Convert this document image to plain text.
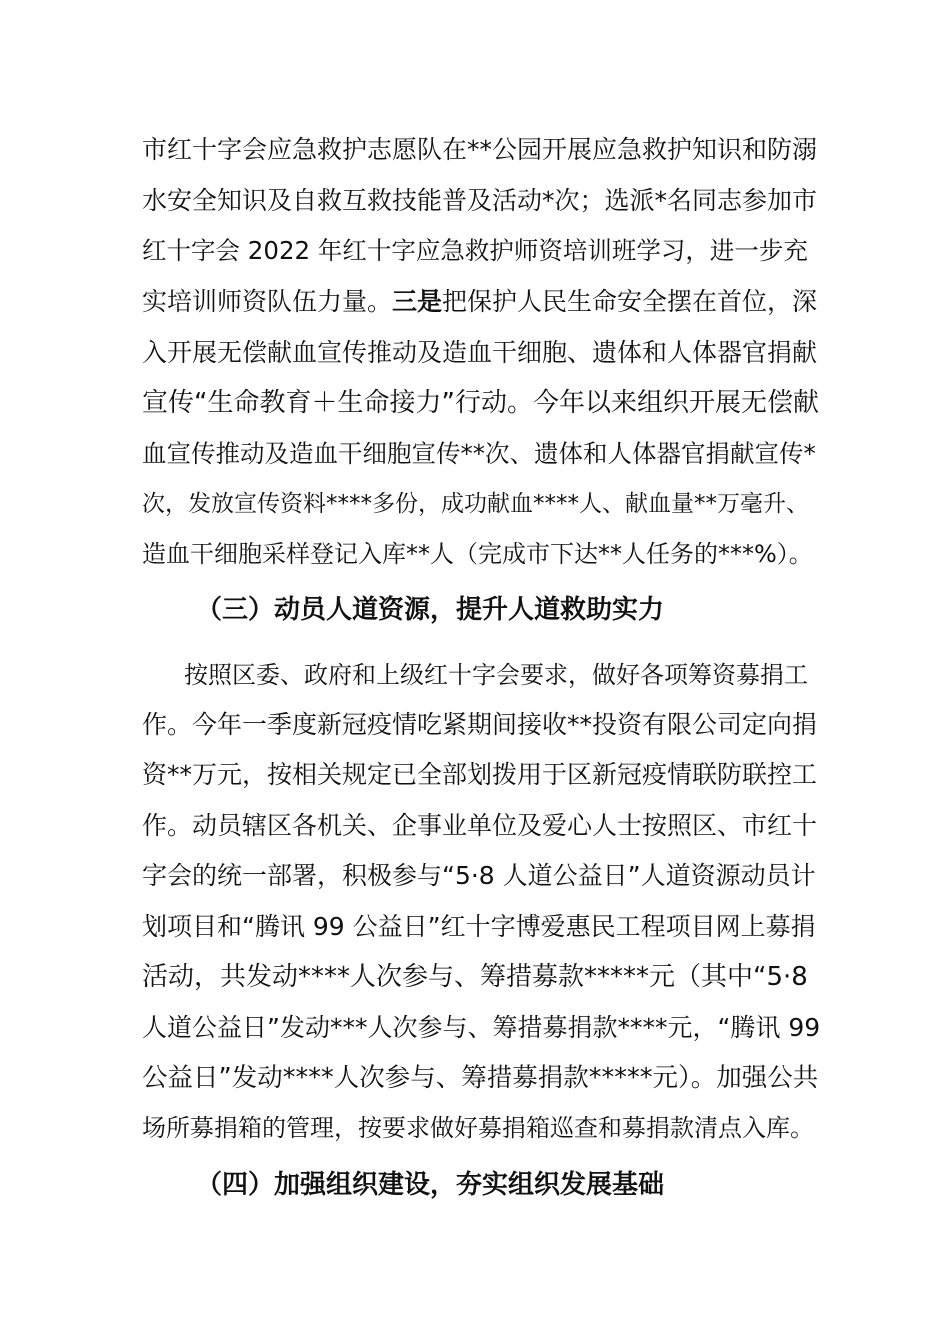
市红十字会应急救护志愿队在**公园开展应急救护知识和防溺
水安全知识及自救互救技能普及活动*次；选派*名同志参加市
红十字会 2022 年红十字应急救护师资培训班学习，进一步充
实培训师资队伍力量。三是把保护人民生命安全摆在首位，深
入开展无偿献血宣传推动及造血干细胞、遗体和人体器官捐献
宣传“生命教育＋生命接力”行动。今年以来组织开展无偿献
血宣传推动及造血干细胞宣传**次、遗体和人体器官捐献宣传*
次，发放宣传资料****多份，成功献血****人、献血量**万毫升、
造血干细胞采样登记入库**人（完成市下达**人任务的***%）。
（三）动员人道资源，提升人道救助实力
按照区委、政府和上级红十字会要求，做好各项筹资募捐工
作。今年一季度新冠疫情吃紧期间接收**投资有限公司定向捐
资**万元，按相关规定已全部划拨用于区新冠疫情联防联控工
作。动员辖区各机关、企事业单位及爱心人士按照区、市红十
字会的统一部署，积极参与“5·8 人道公益日”人道资源动员计
划项目和“腾讯 99 公益日”红十字博爱惠民工程项目网上募捐
活动，共发动****人次参与、筹措募款*****元（其中“5·8
人道公益日”发动***人次参与、筹措募捐款****元，“腾讯 99
公益日”发动****人次参与、筹措募捐款*****元）。加强公共
场所募捐箱的管理，按要求做好募捐箱巡查和募捐款清点入库。
（四）加强组织建设，夯实组织发展基础
